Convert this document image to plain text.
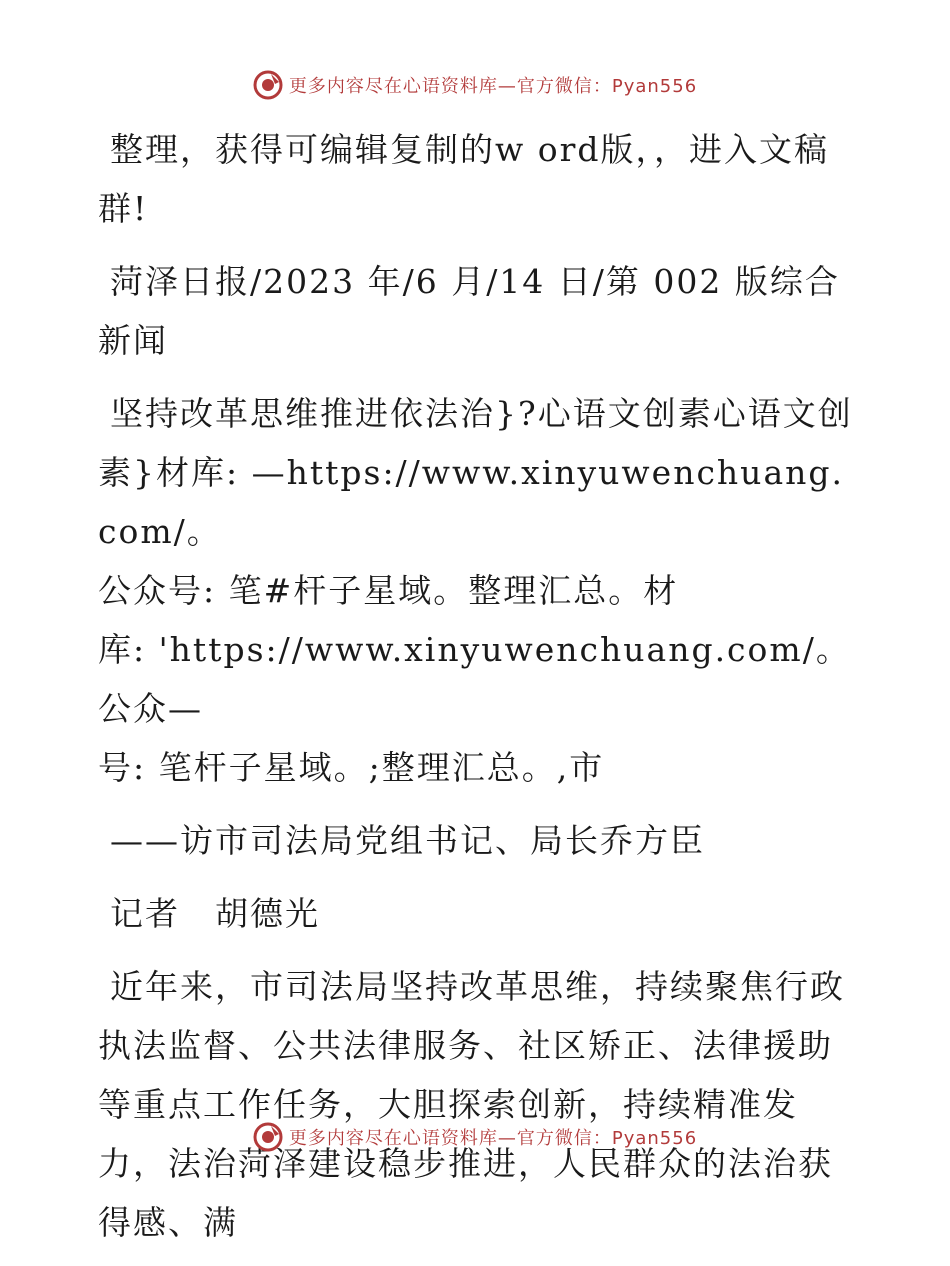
更多内容尽在心语资料库—官方微信：Pyan556

整理，获得可编辑复制的w ord版，，进入文稿群!

菏泽日报/2023 年/6 月/14 日/第 002 版综合新闻

坚持改革思维推进依法治}?心语文创素心语文创素}材库: —https://www.xinyuwenchuang.com/。

公众号: 笔#杆子星域。整理汇总。材

库: 'https://www.xinyuwenchuang.com/。公众—

号: 笔杆子星域。;整理汇总。,市

——访市司法局党组书记、局长乔方臣

记者　胡德光

近年来，市司法局坚持改革思维，持续聚焦行政执法监督、公共法律服务、社区矫正、法律援助等重点工作任务，大胆探索创新，持续精准发力，法治菏泽建设稳步推进，人民群众的法治获得感、满

更多内容尽在心语资料库—官方微信：Pyan556
